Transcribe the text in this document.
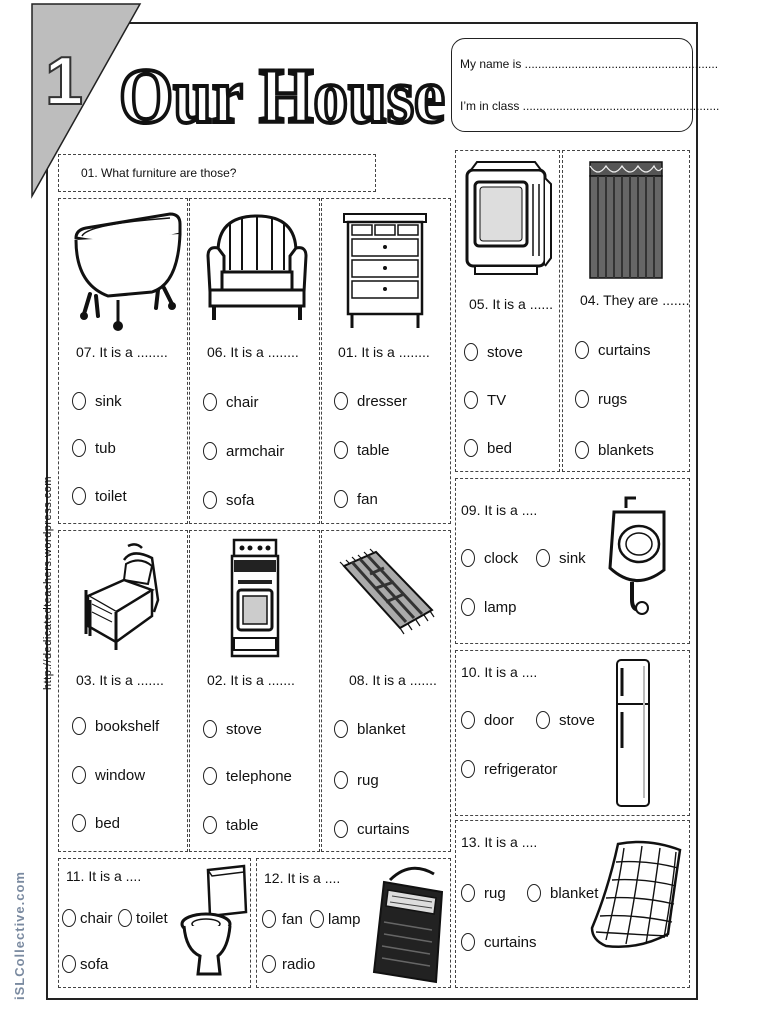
1 Our House My name is ..........................................................
I’m in class ...........................................................
01. What furniture are those?
http://dedicatedteachers.wordpress.com
iSLCollective.com
07. It is a ........
sink
tub
toilet
06. It is a ........
chair
armchair
sofa
01. It is a ........
dresser
table
fan
05. It is a ......
stove
TV
bed
04. They are .......
curtains
rugs
blankets
09. It is a ....
clock	sink
lamp
03. It is a .......
bookshelf
window
bed
02. It is a .......
stove
telephone
table
08. It is a .......
blanket
rug
curtains
10. It is a ....
door	stove
refrigerator
11. It is a ....
chair toilet
sofa
12. It is a ....
fan lamp
radio
13. It is a ....
rug	blanket
curtains
